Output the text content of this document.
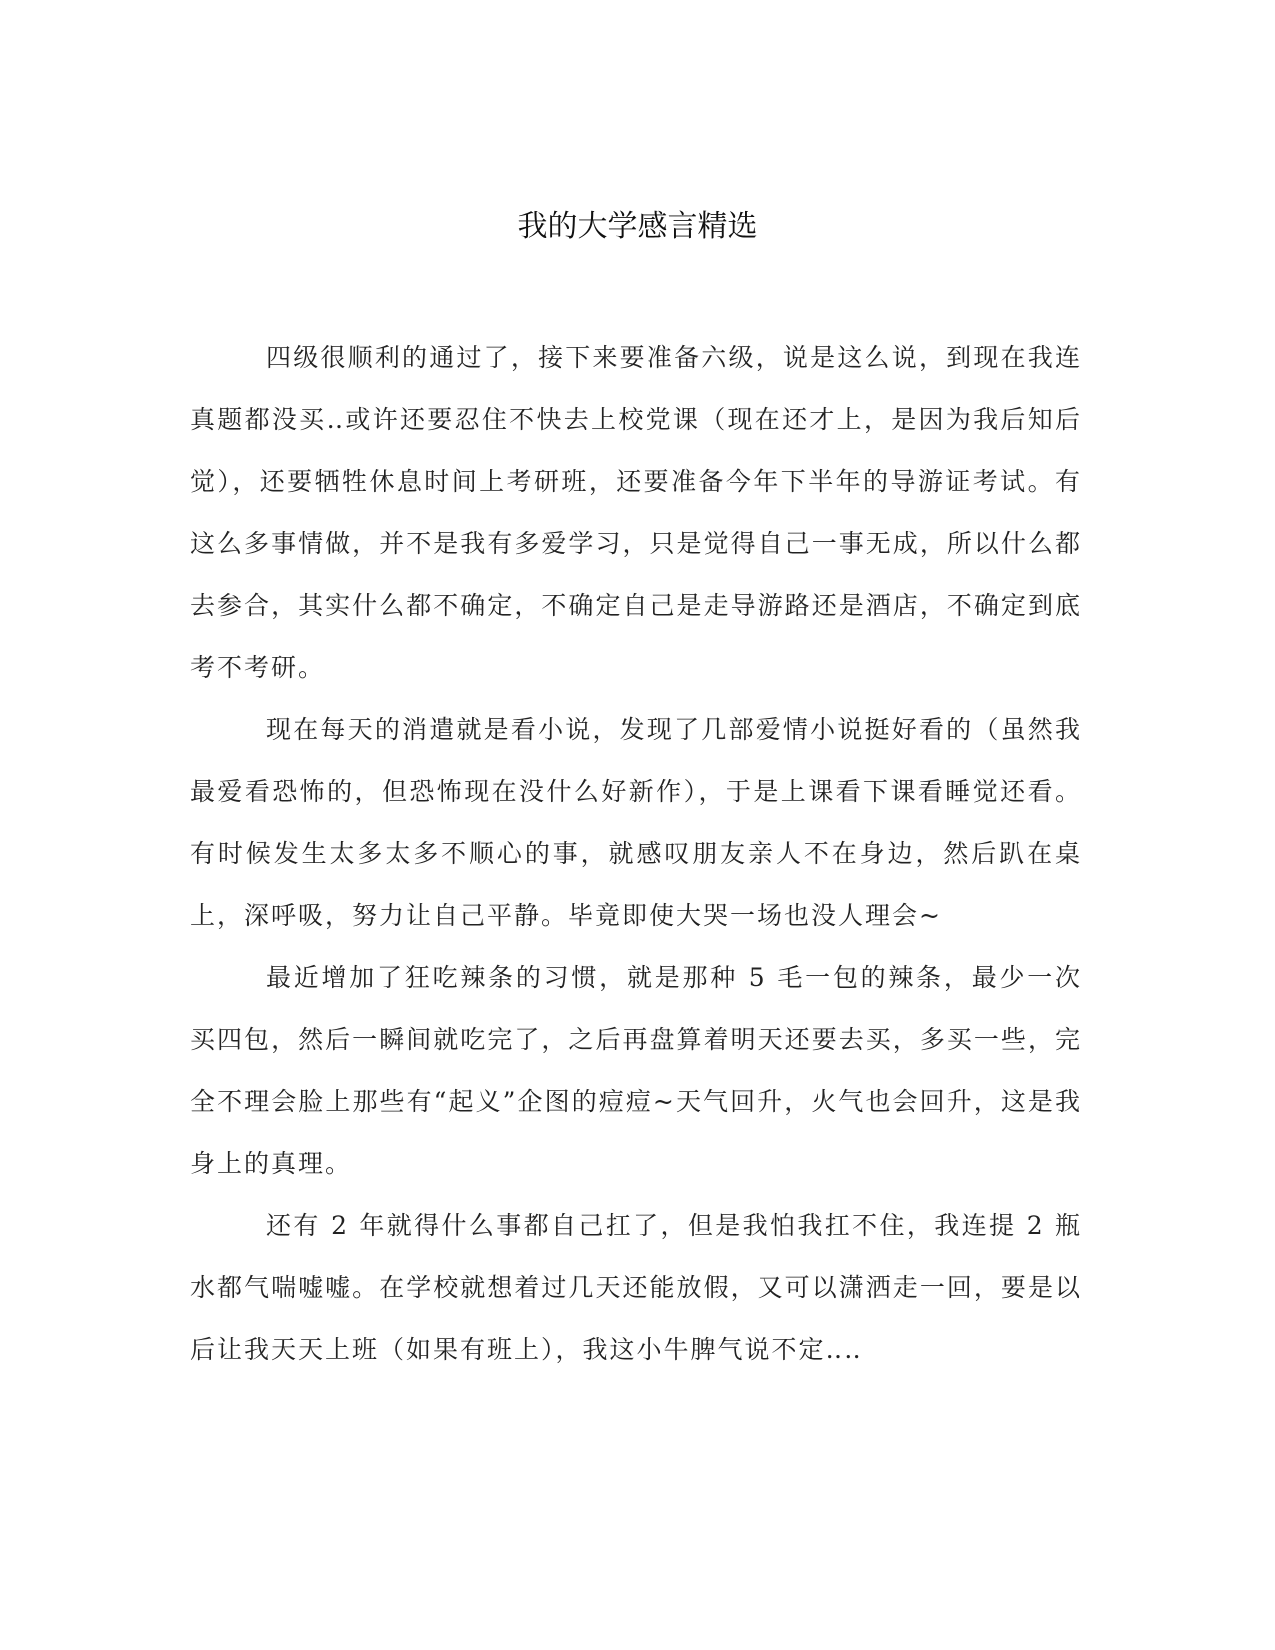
我的大学感言精选

四级很顺利的通过了，接下来要准备六级，说是这么说，到现在我连真题都没买‥或许还要忍住不快去上校党课（现在还才上，是因为我后知后觉），还要牺牲休息时间上考研班，还要准备今年下半年的导游证考试。有这么多事情做，并不是我有多爱学习，只是觉得自己一事无成，所以什么都去参合，其实什么都不确定，不确定自己是走导游路还是酒店，不确定到底考不考研。

现在每天的消遣就是看小说，发现了几部爱情小说挺好看的（虽然我最爱看恐怖的，但恐怖现在没什么好新作），于是上课看下课看睡觉还看。有时候发生太多太多不顺心的事，就感叹朋友亲人不在身边，然后趴在桌上，深呼吸，努力让自己平静。毕竟即使大哭一场也没人理会~

最近增加了狂吃辣条的习惯，就是那种 5 毛一包的辣条，最少一次买四包，然后一瞬间就吃完了，之后再盘算着明天还要去买，多买一些，完全不理会脸上那些有“起义”企图的痘痘~天气回升，火气也会回升，这是我身上的真理。

还有 2 年就得什么事都自己扛了，但是我怕我扛不住，我连提 2 瓶水都气喘嘘嘘。在学校就想着过几天还能放假，又可以潇洒走一回，要是以后让我天天上班（如果有班上），我这小牛脾气说不定‥‥
